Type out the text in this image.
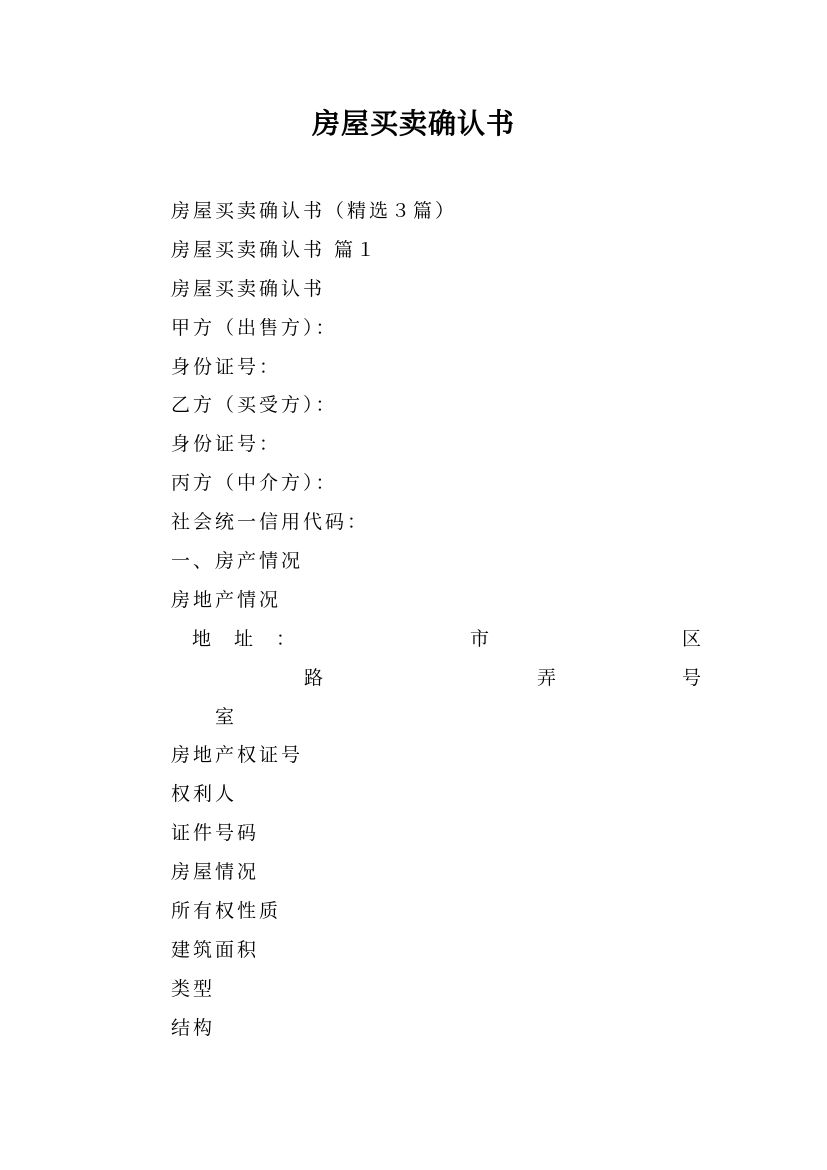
房屋买卖确认书
房屋买卖确认书（精选３篇）
房屋买卖确认书 篇１
房屋买卖确认书
甲方（出售方）：
身份证号：
乙方（买受方）：
身份证号：
丙方（中介方）：
社会统一信用代码：
一、房产情况
房地产情况
地　址　：	市	区
路	弄	号
室
房地产权证号
权利人
证件号码
房屋情况
所有权性质
建筑面积
类型
结构
